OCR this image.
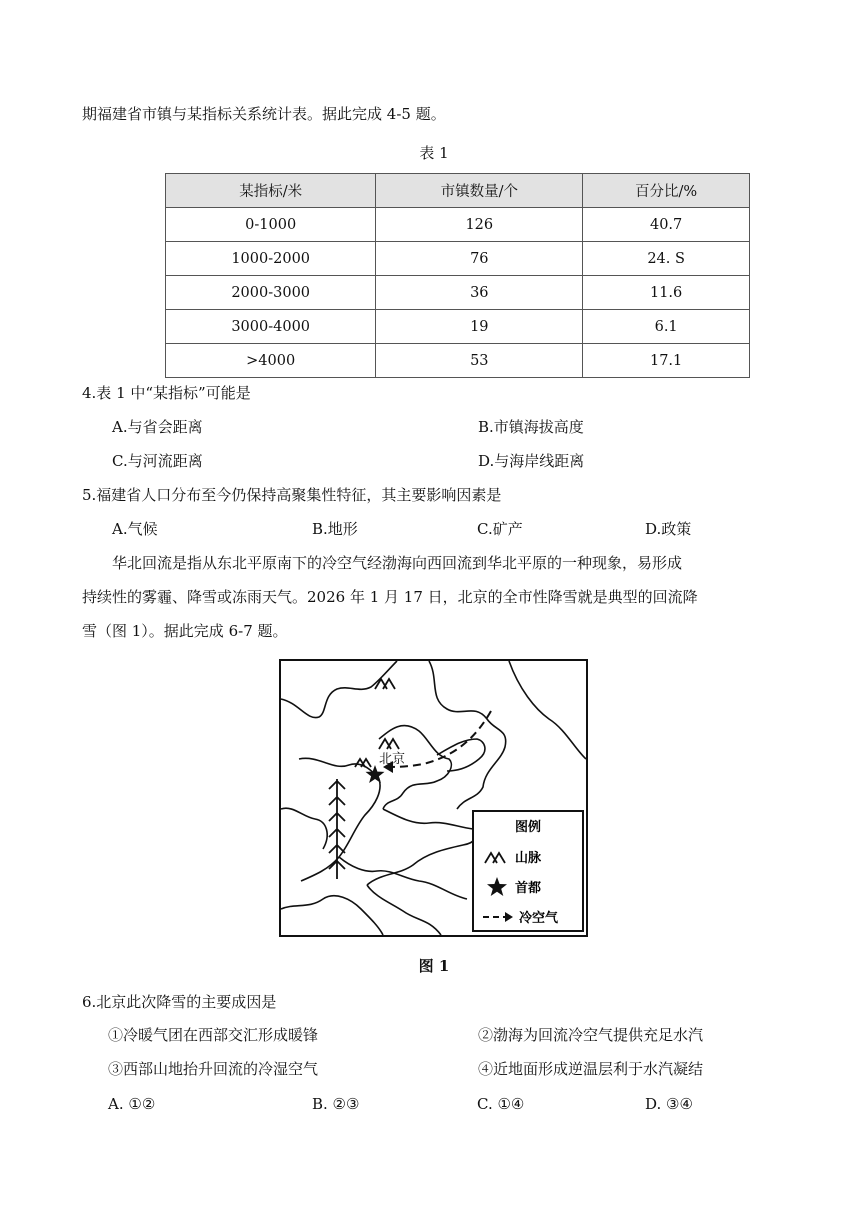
期福建省市镇与某指标关系统计表。据此完成 4-5 题。
表 1
某指标/米	市镇数量/个	百分比/%
0-1000	126	40.7
1000-2000	76	24. S
2000-3000	36	11.6
3000-4000	19	6.1
>4000	53	17.1
4.表 1 中“某指标”可能是
A.与省会距离	B.市镇海拔高度
C.与河流距离	D.与海岸线距离
5.福建省人口分布至今仍保持高聚集性特征，其主要影响因素是
A.气候	B.地形	C.矿产	D.政策
华北回流是指从东北平原南下的冷空气经渤海向西回流到华北平原的一种现象，易形成
持续性的雾霾、降雪或冻雨天气。2026 年 1 月 17 日，北京的全市性降雪就是典型的回流降
雪（图 1）。据此完成 6-7 题。
北京
图例
山脉
首都
冷空气
图 1
6.北京此次降雪的主要成因是
①冷暖气团在西部交汇形成暖锋	②渤海为回流冷空气提供充足水汽
③西部山地抬升回流的冷湿空气	④近地面形成逆温层利于水汽凝结
A. ①②	B. ②③	C. ①④	D. ③④
